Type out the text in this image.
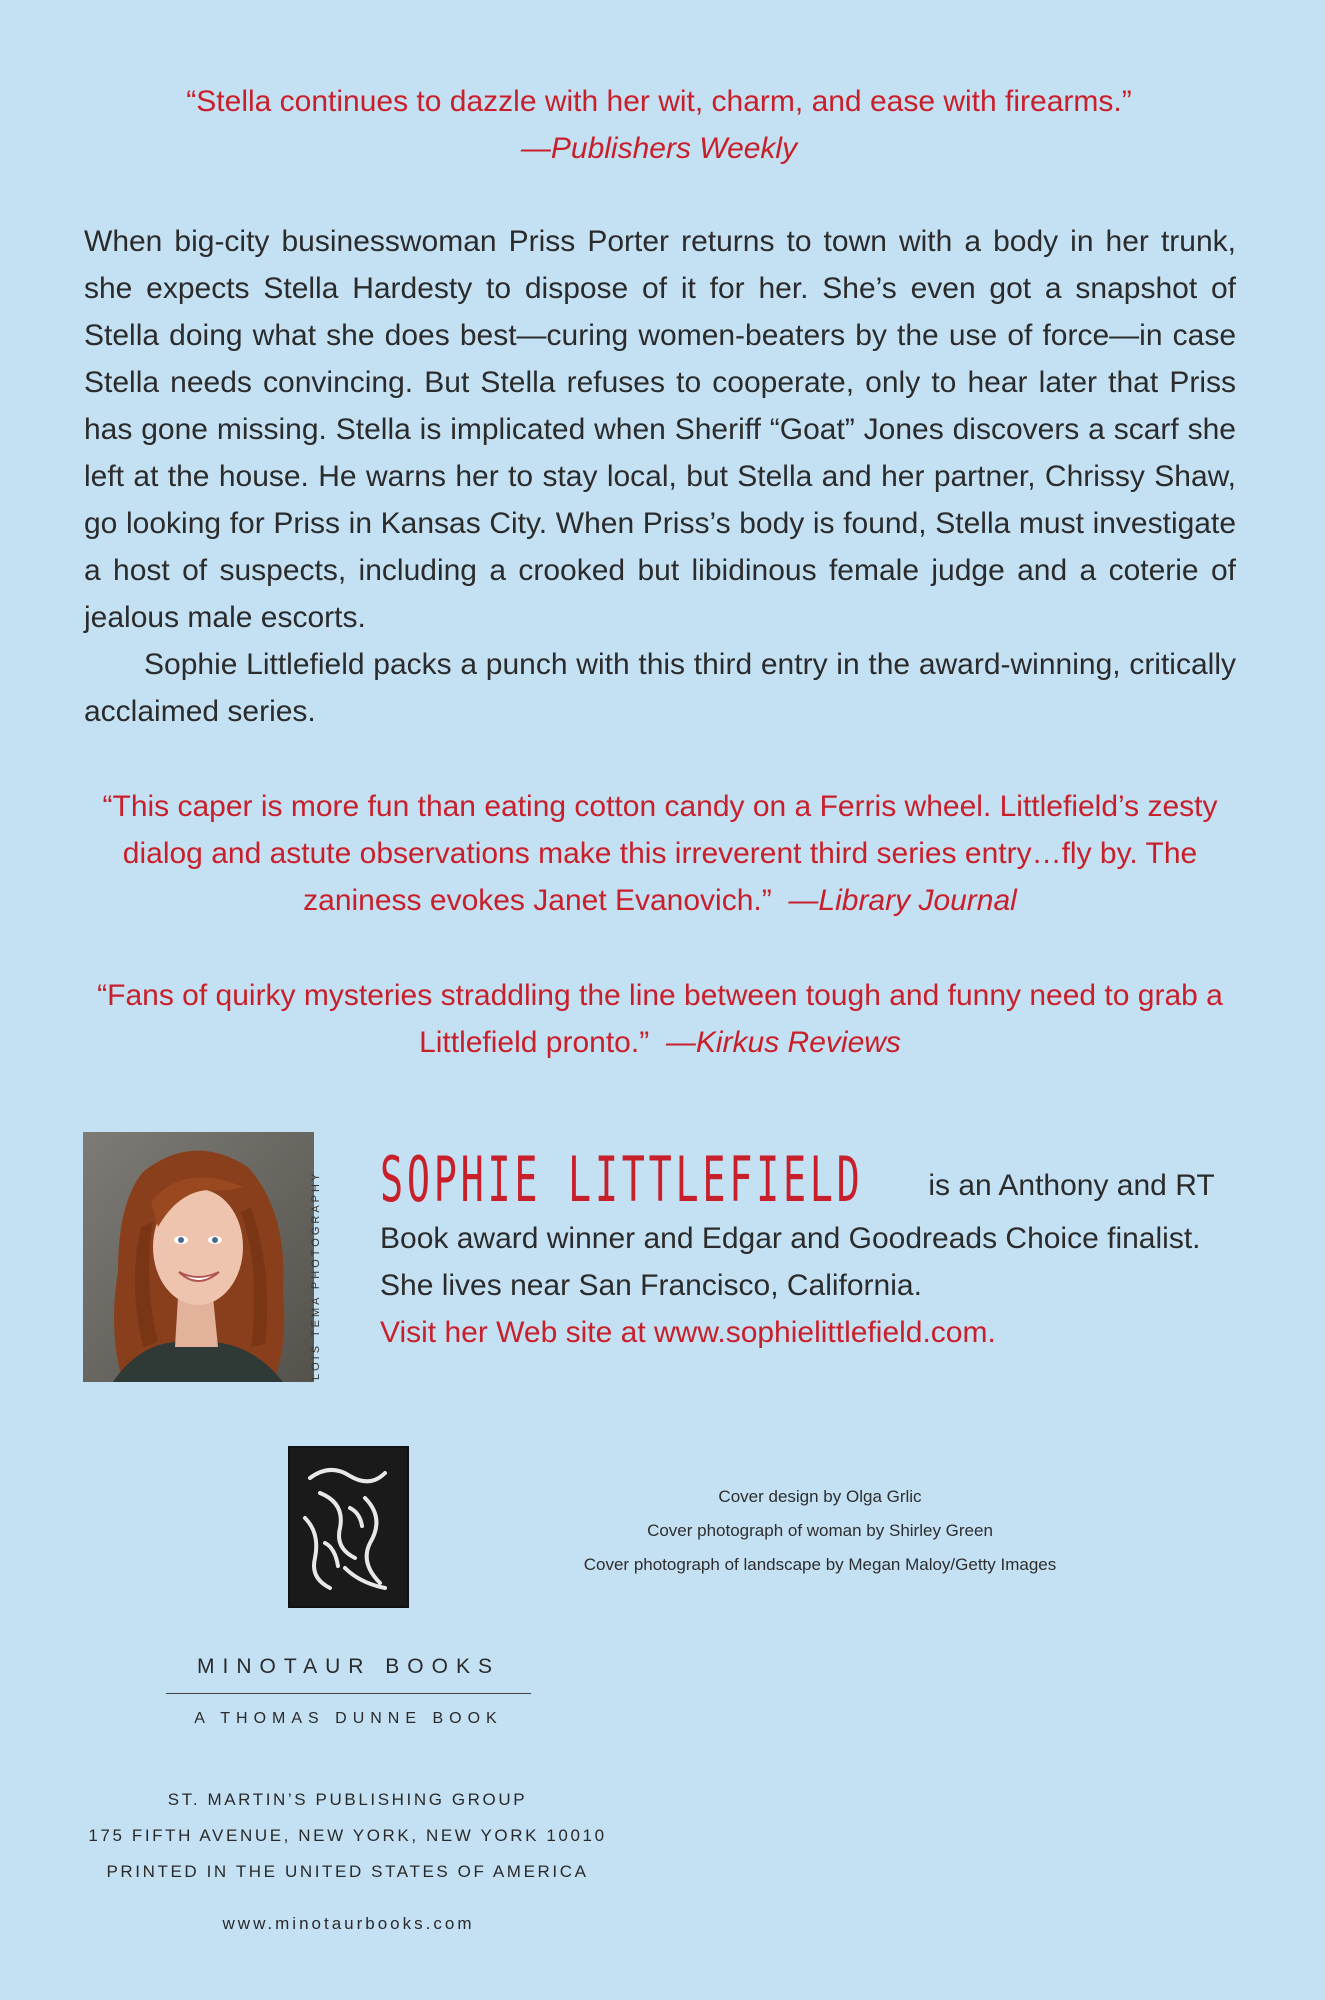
“Stella continues to dazzle with her wit, charm, and ease with firearms.”
—Publishers Weekly

When big-city businesswoman Priss Porter returns to town with a body in her trunk, she expects Stella Hardesty to dispose of it for her. She’s even got a snapshot of Stella doing what she does best—curing women-beaters by the use of force—in case Stella needs convincing. But Stella refuses to cooperate, only to hear later that Priss has gone missing. Stella is implicated when Sheriff “Goat” Jones discovers a scarf she left at the house. He warns her to stay local, but Stella and her partner, Chrissy Shaw, go looking for Priss in Kansas City. When Priss’s body is found, Stella must investigate a host of suspects, including a crooked but libidinous female judge and a coterie of jealous male escorts.

Sophie Littlefield packs a punch with this third entry in the award-winning, critically acclaimed series.

“This caper is more fun than eating cotton candy on a Ferris wheel. Littlefield’s zesty dialog and astute observations make this irreverent third series entry…fly by. The zaniness evokes Janet Evanovich.” —Library Journal
“Fans of quirky mysteries straddling the line between tough and funny need to grab a Littlefield pronto.” —Kirkus Reviews
LOIS TEMA PHOTOGRAPHY SOPHIE LITTLEFIELD is an Anthony and RT Book award winner and Edgar and Goodreads Choice finalist. She lives near San Francisco, California.
Visit her Web site at www.sophielittlefield.com.
Cover design by Olga Grlic
Cover photograph of woman by Shirley Green
Cover photograph of landscape by Megan Maloy/Getty Images
MINOTAUR BOOKS
A THOMAS DUNNE BOOK
ST. MARTIN’S PUBLISHING GROUP
175 FIFTH AVENUE, NEW YORK, NEW YORK 10010
PRINTED IN THE UNITED STATES OF AMERICA
www.minotaurbooks.com
